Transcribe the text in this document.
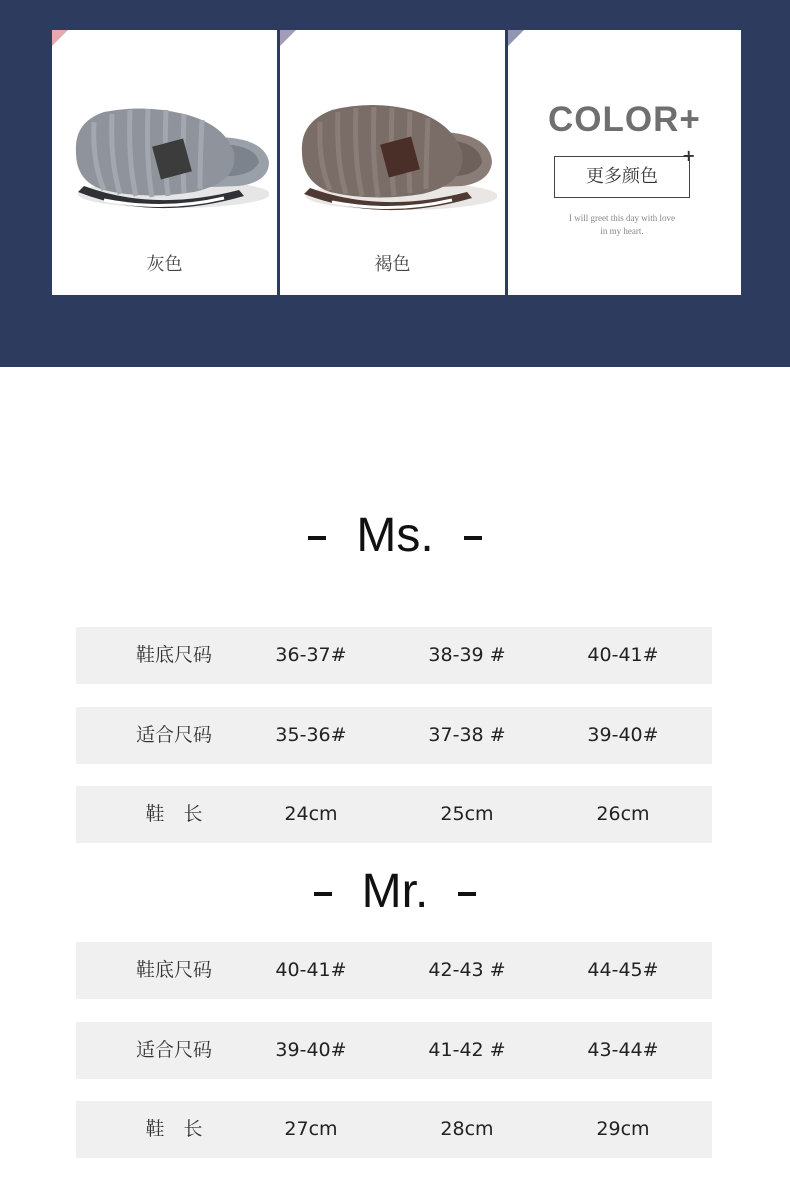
灰色	褐色
COLOR+
更多颜色
+
I will greet this day with love
in my heart.
Ms.
鞋底尺码	36-37#	38-39 #	40-41#
适合尺码	35-36#	37-38 #	39-40#
鞋　长	24cm	25cm	26cm
Mr.
鞋底尺码	40-41#	42-43 #	44-45#
适合尺码	39-40#	41-42 #	43-44#
鞋　长	27cm	28cm	29cm
